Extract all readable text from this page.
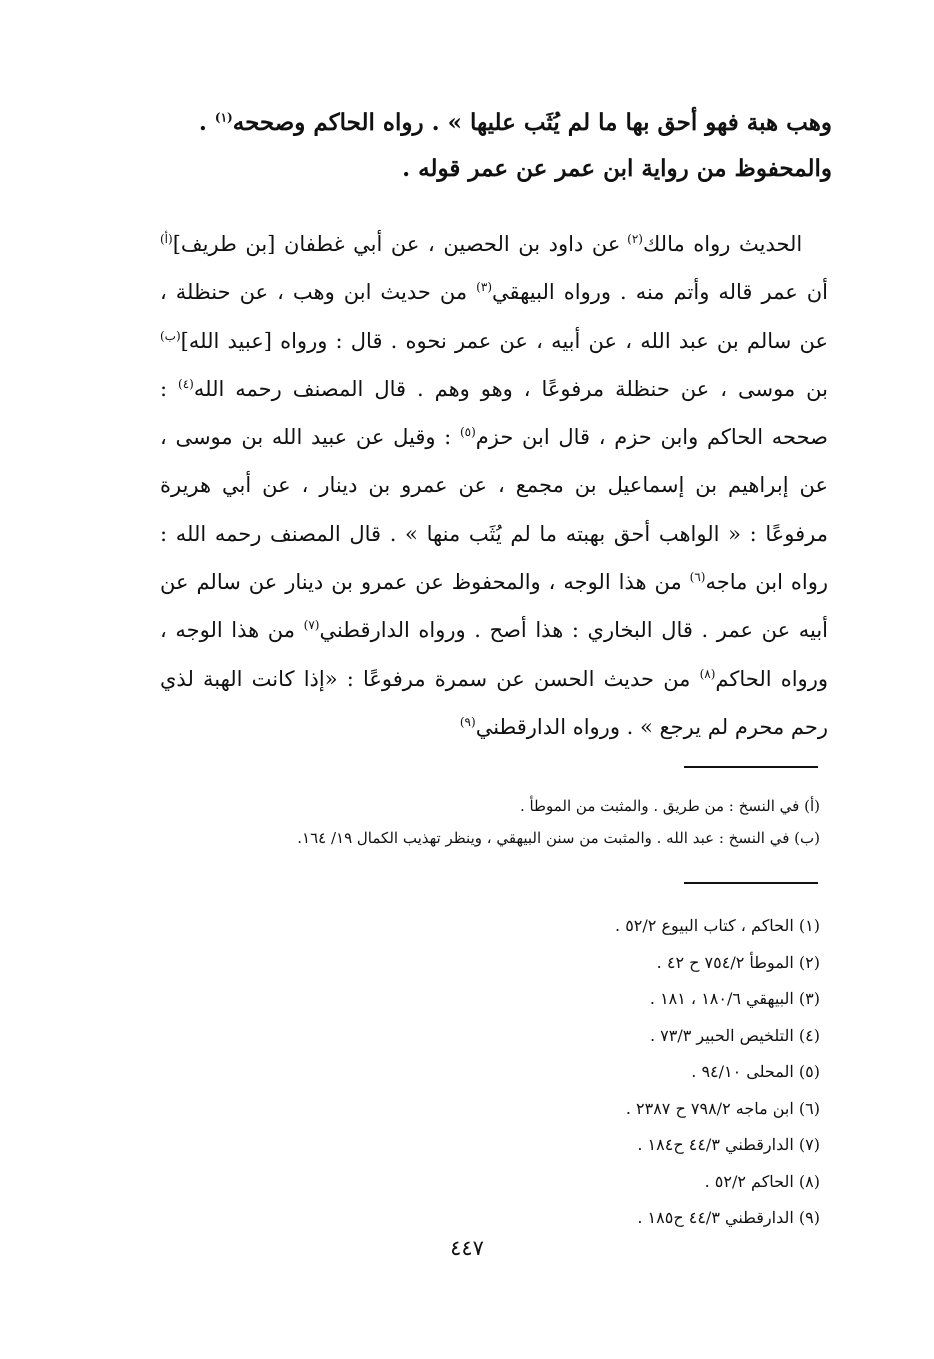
وهب هبة فهو أحق بها ما لم يُثَب عليها » . رواه الحاكم وصححه$^{(١)}$ .

والمحفوظ من رواية ابن عمر عن عمر قوله .

الحديث رواه مالك$^{(٢)}$ عن داود بن الحصين ، عن أبي غطفان [بن طريف]$^{(أ)}$ أن عمر قاله وأتم منه . ورواه البيهقي$^{(٣)}$ من حديث ابن وهب ، عن حنظلة ، عن سالم بن عبد الله ، عن أبيه ، عن عمر نحوه . قال : ورواه [عبيد الله]$^{(ب)}$ بن موسى ، عن حنظلة مرفوعًا ، وهو وهم . قال المصنف رحمه الله$^{(٤)}$ : صححه الحاكم وابن حزم ، قال ابن حزم$^{(٥)}$ : وقيل عن عبيد الله بن موسى ، عن إبراهيم بن إسماعيل بن مجمع ، عن عمرو بن دينار ، عن أبي هريرة مرفوعًا : « الواهب أحق بهبته ما لم يُثَب منها » . قال المصنف رحمه الله : رواه ابن ماجه$^{(٦)}$ من هذا الوجه ، والمحفوظ عن عمرو بن دينار عن سالم عن أبيه عن عمر . قال البخاري : هذا أصح . ورواه الدارقطني$^{(٧)}$ من هذا الوجه ، ورواه الحاكم$^{(٨)}$ من حديث الحسن عن سمرة مرفوعًا : «إذا كانت الهبة لذي رحم محرم لم يرجع » . ورواه الدارقطني$^{(٩)}$

(أ) في النسخ : من طريق . والمثبت من الموطأ .
(ب) في النسخ : عبد الله . والمثبت من سنن البيهقي ، وينظر تهذيب الكمال ١٩/ ١٦٤.
(١) الحاكم ، كتاب البيوع ٥٢/٢ .
(٢) الموطأ ٧٥٤/٢ ح ٤٢ .
(٣) البيهقي ١٨٠/٦ ، ١٨١ .
(٤) التلخيص الحبير ٧٣/٣ .
(٥) المحلى ٩٤/١٠ .
(٦) ابن ماجه ٧٩٨/٢ ح ٢٣٨٧ .
(٧) الدارقطني ٤٤/٣ ح١٨٤ .
(٨) الحاكم ٥٢/٢ .
(٩) الدارقطني ٤٤/٣ ح١٨٥ .
٤٤٧
